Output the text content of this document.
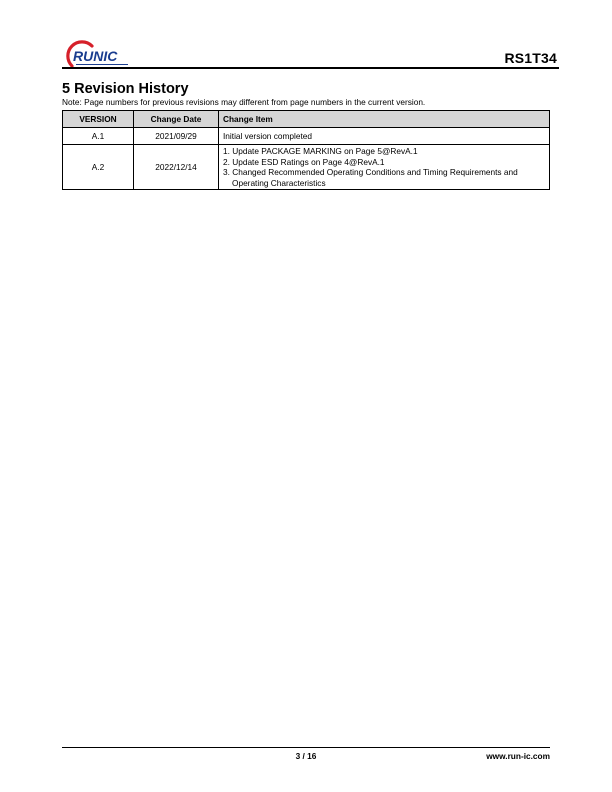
RUNIC	RS1T34
5 Revision History
Note: Page numbers for previous revisions may different from page numbers in the current version.
VERSION	Change Date	Change Item
A.1	2021/09/29	Initial version completed

A.2	2022/12/14	1. Update PACKAGE MARKING on Page 5@RevA.1
2. Update ESD Ratings on Page 4@RevA.1
3. Changed Recommended Operating Conditions and Timing Requirements and
Operating Characteristics
3 / 16	www.run-ic.com
